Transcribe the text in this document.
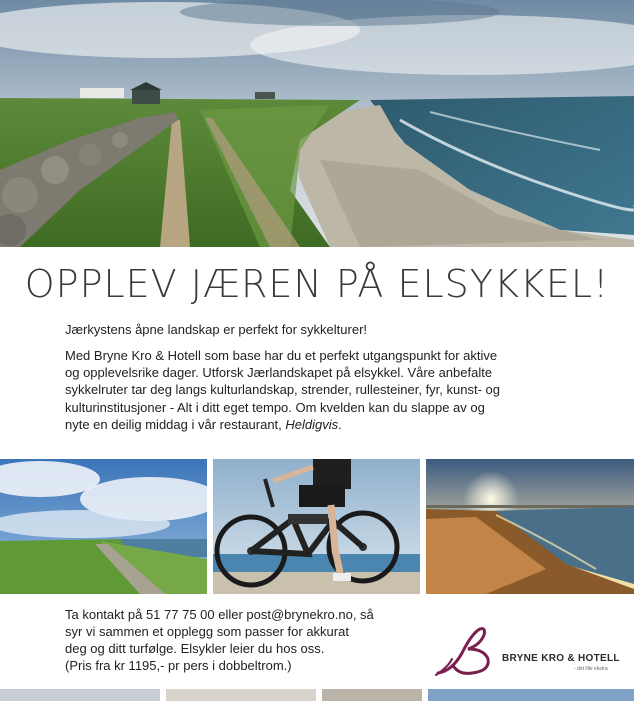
OPPLEV JÆREN PÅ ELSYKKEL!
Jærkystens åpne landskap er perfekt for sykkelturer!
Med Bryne Kro & Hotell som base har du et perfekt utgangspunkt for aktive
og opplevelsrike dager. Utforsk Jærlandskapet på elsykkel. Våre anbefalte
sykkelruter tar deg langs kulturlandskap, strender, rullesteiner, fyr, kunst- og
kulturinstitusjoner - Alt i ditt eget tempo. Om kvelden kan du slappe av og
nyte en deilig middag i vår restaurant, Heldigvis.
Ta kontakt på 51 77 75 00 eller post@brynekro.no, så
syr vi sammen et opplegg som passer for akkurat
deg og ditt turfølge. Elsykler leier du hos oss.
(Pris fra kr 1195,- pr pers i dobbeltrom.)	BRYNE KRO & HOTELL
- det lille ekstra
